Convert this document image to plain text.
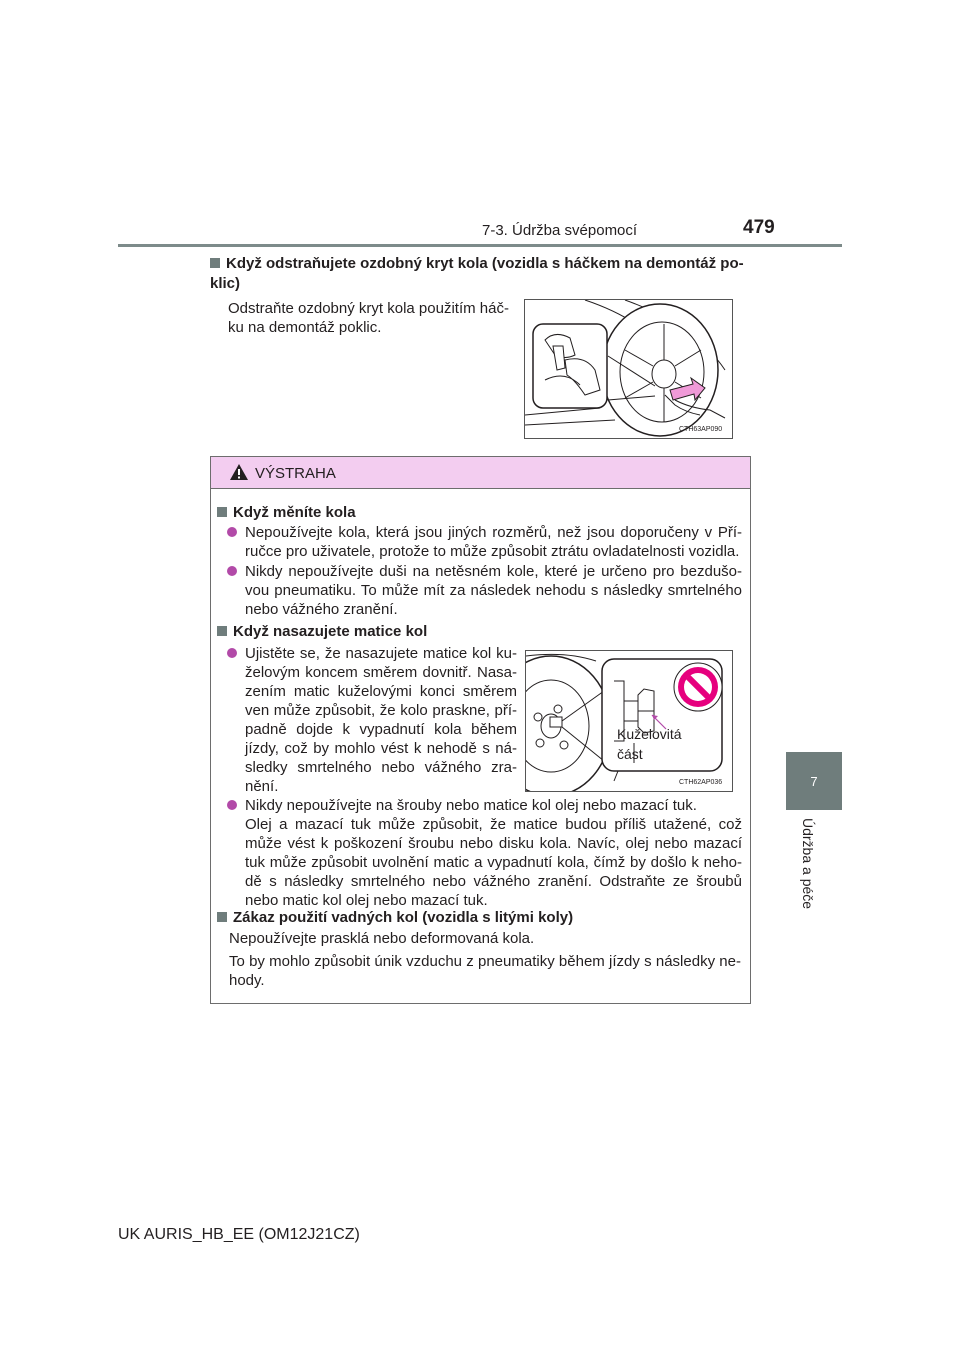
7-3. Údržba svépomocí	479
7
Údržba a péče
Když odstraňujete ozdobný kryt kola (vozidla s háčkem na demontáž po-klic)
Odstraňte ozdobný kryt kola použitím háč-ku na demontáž poklic.
CTH63AP090
VÝSTRAHA
Když měníte kola
Nepoužívejte kola, která jsou jiných rozměrů, než jsou doporučeny v Pří-ručce pro uživatele, protože to může způsobit ztrátu ovladatelnosti vozidla.
Nikdy nepoužívejte duši na netěsném kole, které je určeno pro bezdušo-vou pneumatiku. To může mít za následek nehodu s následky smrtelného nebo vážného zranění.
Když nasazujete matice kol
Ujistěte se, že nasazujete matice kol ku-želovým koncem směrem dovnitř. Nasa-zením matic kuželovými konci směrem ven může způsobit, že kolo praskne, pří-padně dojde k vypadnutí kola během jízdy, což by mohlo vést k nehodě s ná-sledky smrtelného nebo vážného zra-nění.
Nikdy nepoužívejte na šrouby nebo matice kol olej nebo mazací tuk.
Olej a mazací tuk může způsobit, že matice budou příliš utažené, což může vést k poškození šroubu nebo disku kola. Navíc, olej nebo mazací tuk může způsobit uvolnění matic a vypadnutí kola, čímž by došlo k neho-dě s následky smrtelného nebo vážného zranění. Odstraňte ze šroubů nebo matic kol olej nebo mazací tuk.
Zákaz použití vadných kol (vozidla s litými koly)
Nepoužívejte prasklá nebo deformovaná kola.
To by mohlo způsobit únik vzduchu z pneumatiky během jízdy s následky ne-hody.
Kuželovitá
část
CTH62AP036
UK AURIS_HB_EE (OM12J21CZ)
